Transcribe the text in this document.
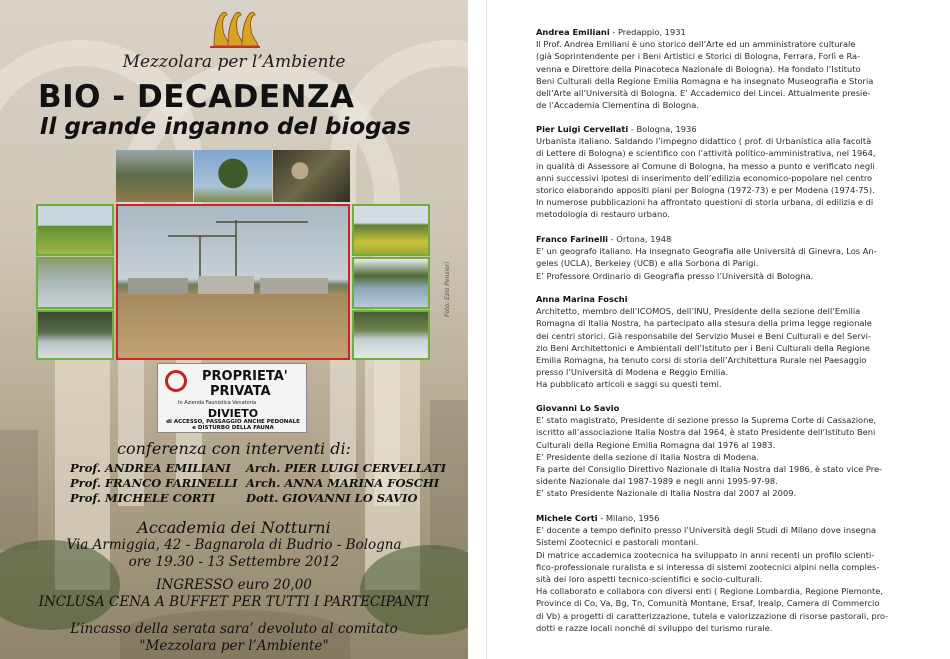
Mezzolara per l’Ambiente
BIO - DECADENZA
Il grande inganno del biogas
Foto: Ezio Pensieri
PROPRIETA'
PRIVATA
In Azienda Faunistica Venatoria
DIVIETO
di ACCESSO, PASSAGGIO ANCHE PEDONALE
e DISTURBO DELLA FAUNA
conferenza con interventi di:
Prof. ANDREA EMILIANI Arch. PIER LUIGI CERVELLATI
Prof. FRANCO FARINELLI Arch. ANNA MARINA FOSCHI
Prof. MICHELE CORTI	Dott. GIOVANNI LO SAVIO
Accademia dei Notturni
Via Armiggia, 42 - Bagnarola di Budrio - Bologna
ore 19.30 - 13 Settembre 2012
INGRESSO euro 20,00
INCLUSA CENA A BUFFET PER TUTTI I PARTECIPANTI
L’incasso della serata sara’ devoluto al comitato
"Mezzolara per l’Ambiente"
Andrea Emiliani - Predappio, 1931

Il Prof. Andrea Emiliani è uno storico dell’Arte ed un amministratore culturale

(già Soprintendente per i Beni Artistici e Storici di Bologna, Ferrara, Forlì e Ra-

venna e Direttore della Pinacoteca Nazionale di Bologna). Ha fondato l’Istituto

Beni Culturali della Regione Emilia Romagna e ha insegnato Museografia e Storia

dell’Arte all’Università di Bologna. E’ Accademico dei Lincei. Attualmente presie-

de l’Accademia Clementina di Bologna.

Pier Luigi Cervellati - Bologna, 1936

Urbanista italiano. Saldando l’impegno didattico ( prof. di Urbanistica alla facoltà

di Lettere di Bologna) e scientifico con l’attività politico-amministrativa, nel 1964,

in qualità di Assessore al Comune di Bologna, ha messo a punto e verificato negli

anni successivi ipotesi di inserimento dell’edilizia economico-popolare nel centro

storico elaborando appositi piani per Bologna (1972-73) e per Modena (1974-75).

In numerose pubblicazioni ha affrontato questioni di storia urbana, di edilizia e di

metodologia di restauro urbano.

Franco Farinelli - Ortona, 1948

E’ un geografo italiano. Ha insegnato Geografia alle Università di Ginevra, Los An-

geles (UCLA), Berkeley (UCB) e alla Sorbona di Parigi.

E’ Professore Ordinario di Geografia presso l’Università di Bologna.

Anna Marina Foschi

Architetto, membro dell’ICOMOS, dell’INU, Presidente della sezione dell’Emilia

Romagna di Italia Nostra, ha partecipato alla stesura della prima legge regionale

dei centri storici. Già responsabile del Servizio Musei e Beni Culturali e del Servi-

zio Beni Architettonici e Ambientali dell’Istituto per i Beni Culturali della Regione

Emilia Romagna, ha tenuto corsi di storia dell’Architettura Rurale nel Paesaggio

presso l’Università di Modena e Reggio Emilia.

Ha pubblicato articoli e saggi su questi temi.

Giovanni Lo Savio

E’ stato magistrato, Presidente di sezione presso la Suprema Corte di Cassazione,

iscritto all’associazione Italia Nostra dal 1964, è stato Presidente dell’Istituto Beni

Culturali della Regione Emilia Romagna dal 1976 al 1983.

E’ Presidente della sezione di Italia Nostra di Modena.

Fa parte del Consiglio Direttivo Nazionale di Italia Nostra dal 1986, è stato vice Pre-

sidente Nazionale dal 1987-1989 e negli anni 1995-97-98.

E’ stato Presidente Nazionale di Italia Nostra dal 2007 al 2009.

Michele Corti - Milano, 1956

E’ docente a tempo definito presso l’Università degli Studi di Milano dove insegna

Sistemi Zootecnici e pastorali montani.

Di matrice accademica zootecnica ha sviluppato in anni recenti un profilo scienti-

fico-professionale ruralista e si interessa di sistemi zootecnici alpini nella comples-

sità dei loro aspetti tecnico-scientifici e socio-culturali.

Ha collaborato e collabora con diversi enti ( Regione Lombardia, Regione Piemonte,

Province di Co, Va, Bg, Tn, Comunità Montane, Ersaf, Irealp, Camera di Commercio

di Vb) a progetti di caratterizzazione, tutela e valorizzazione di risorse pastorali, pro-

dotti e razze locali nonché di sviluppo del turismo rurale.
